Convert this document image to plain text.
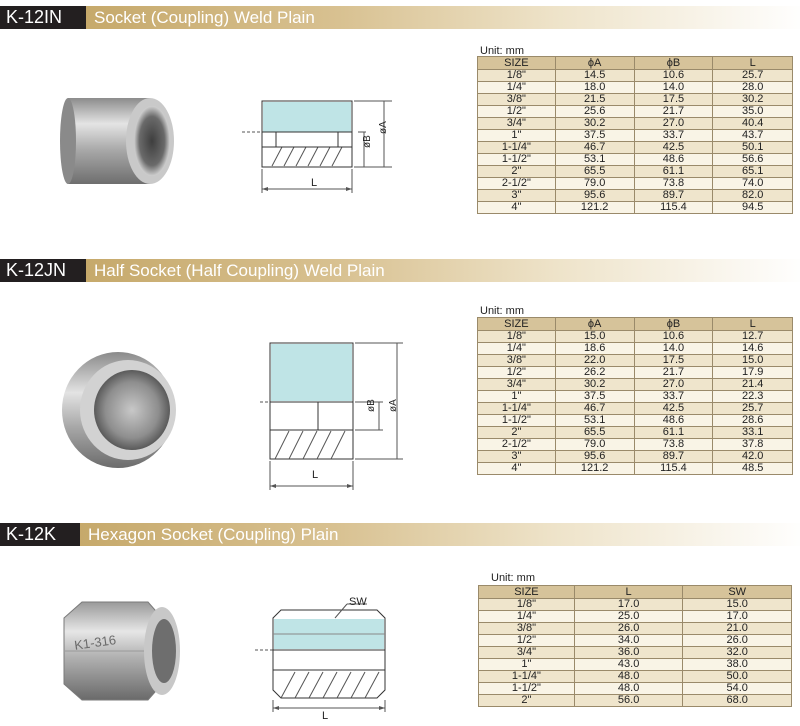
K-12IN	Socket (Coupling) Weld Plain
L
øB
øA
Unit: mm
SIZE	ϕA	ϕB	L
1/8"	14.5	10.6	25.7
1/4"	18.0	14.0	28.0
3/8"	21.5	17.5	30.2
1/2"	25.6	21.7	35.0
3/4"	30.2	27.0	40.4
1"	37.5	33.7	43.7
1-1/4"	46.7	42.5	50.1
1-1/2"	53.1	48.6	56.6
2"	65.5	61.1	65.1
2-1/2"	79.0	73.8	74.0
3"	95.6	89.7	82.0
4"	121.2	115.4	94.5
K-12JN	Half Socket (Half Coupling) Weld Plain
L
øB øA
Unit: mm
SIZE	ϕA	ϕB	L
1/8"	15.0	10.6	12.7
1/4"	18.6	14.0	14.6
3/8"	22.0	17.5	15.0
1/2"	26.2	21.7	17.9
3/4"	30.2	27.0	21.4
1"	37.5	33.7	22.3
1-1/4"	46.7	42.5	25.7
1-1/2"	53.1	48.6	28.6
2"	65.5	61.1	33.1
2-1/2"	79.0	73.8	37.8
3"	95.6	89.7	42.0
4"	121.2	115.4	48.5
K-12K	Hexagon Socket (Coupling) Plain
K1-316
SW
L
Unit: mm
SIZE	L	SW
1/8"	17.0	15.0
1/4"	25.0	17.0
3/8"	26.0	21.0
1/2"	34.0	26.0
3/4"	36.0	32.0
1"	43.0	38.0
1-1/4"	48.0	50.0
1-1/2"	48.0	54.0
2"	56.0	68.0
